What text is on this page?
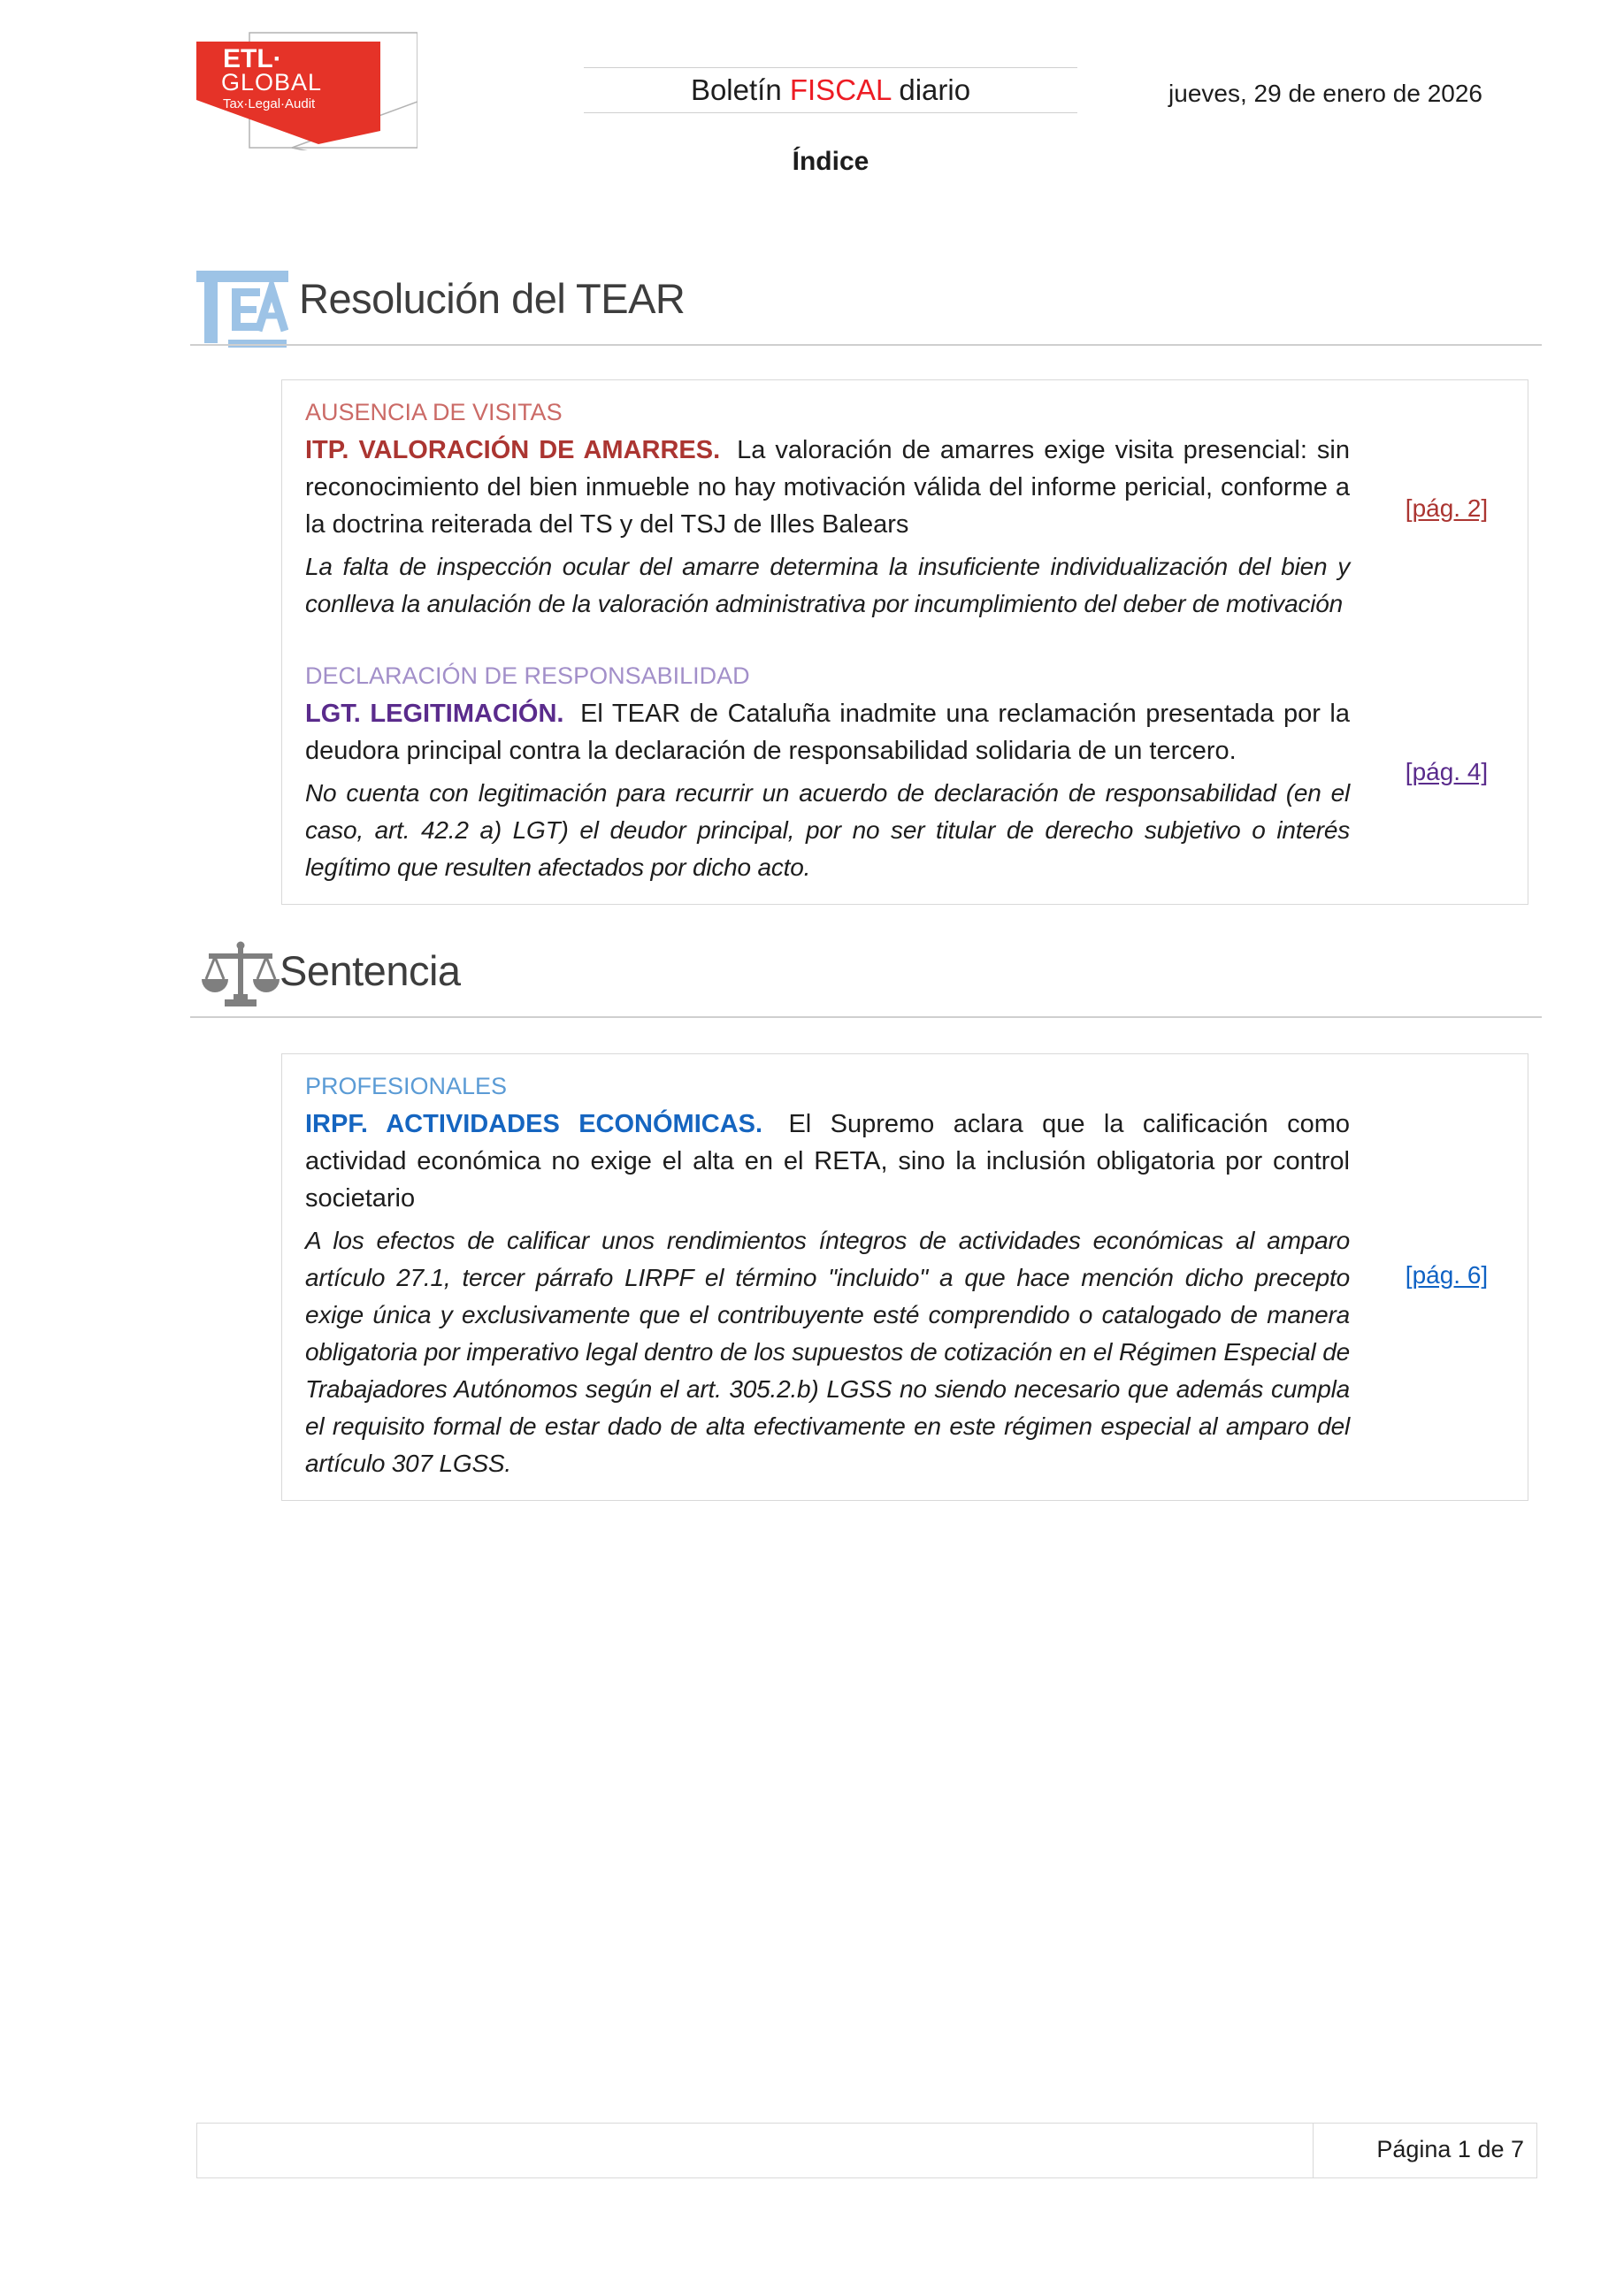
ETL·
GLOBAL
Tax·Legal·Audit	Boletín FISCAL diario	jueves, 29 de enero de 2026
Índice
Resolución del TEAR
AUSENCIA DE VISITAS

ITP. VALORACIÓN DE AMARRES. La valoración de amarres exige visita presencial: sin reconocimiento del bien inmueble no hay motivación válida del informe pericial, conforme a la doctrina reiterada del TS y del TSJ de Illes Balears

La falta de inspección ocular del amarre determina la insuficiente individualización del bien y conlleva la anulación de la valoración administrativa por incumplimiento del deber de motivación

[pág. 2]
DECLARACIÓN DE RESPONSABILIDAD

LGT. LEGITIMACIÓN. El TEAR de Cataluña inadmite una reclamación presentada por la deudora principal contra la declaración de responsabilidad solidaria de un tercero.

No cuenta con legitimación para recurrir un acuerdo de declaración de responsabilidad (en el caso, art. 42.2 a) LGT) el deudor principal, por no ser titular de derecho subjetivo o interés legítimo que resulten afectados por dicho acto.

[pág. 4]
Sentencia
PROFESIONALES

IRPF. ACTIVIDADES ECONÓMICAS. El Supremo aclara que la calificación como actividad económica no exige el alta en el RETA, sino la inclusión obligatoria por control societario

A los efectos de calificar unos rendimientos íntegros de actividades económicas al amparo artículo 27.1, tercer párrafo LIRPF el término "incluido" a que hace mención dicho precepto exige única y exclusivamente que el contribuyente esté comprendido o catalogado de manera obligatoria por imperativo legal dentro de los supuestos de cotización en el Régimen Especial de Trabajadores Autónomos según el art. 305.2.b) LGSS no siendo necesario que además cumpla el requisito formal de estar dado de alta efectivamente en este régimen especial al amparo del artículo 307 LGSS.

[pág. 6]
Página 1 de 7
